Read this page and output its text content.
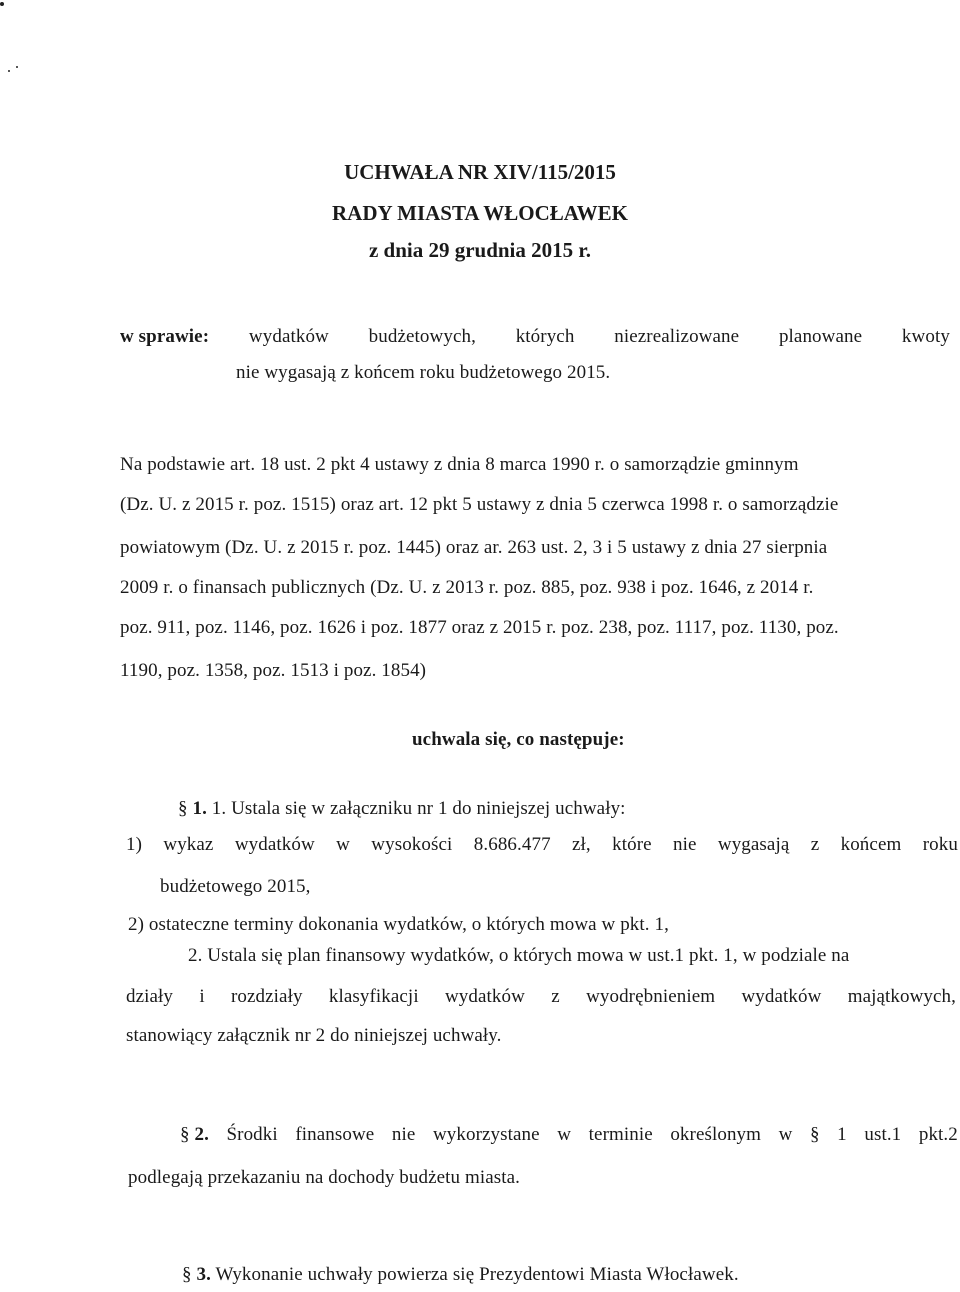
UCHWAŁA NR XIV/115/2015
RADY MIASTA WŁOCŁAWEK
z dnia 29 grudnia 2015 r.
w sprawie: wydatków budżetowych, których niezrealizowane planowane kwoty
nie wygasają z końcem roku budżetowego 2015.
Na podstawie art. 18 ust. 2 pkt 4 ustawy z dnia 8 marca 1990 r. o samorządzie gminnym
(Dz. U. z 2015 r. poz. 1515) oraz art. 12 pkt 5 ustawy z dnia 5 czerwca 1998 r. o samorządzie
powiatowym (Dz. U. z 2015 r. poz. 1445) oraz ar. 263 ust. 2, 3 i 5 ustawy z dnia 27 sierpnia
2009 r. o finansach publicznych (Dz. U. z 2013 r. poz. 885, poz. 938 i poz. 1646, z 2014 r.
poz. 911, poz. 1146, poz. 1626 i poz. 1877 oraz z 2015 r. poz. 238, poz. 1117, poz. 1130, poz.
1190, poz. 1358, poz. 1513 i poz. 1854)
uchwala się, co następuje:
§ 1. 1. Ustala się w załączniku nr 1 do niniejszej uchwały:
1) wykaz wydatków w wysokości 8.686.477 zł, które nie wygasają z końcem roku
budżetowego 2015,
2) ostateczne terminy dokonania wydatków, o których mowa w pkt. 1,
2. Ustala się plan finansowy wydatków, o których mowa w ust.1 pkt. 1, w podziale na
działy i rozdziały klasyfikacji wydatków z wyodrębnieniem wydatków majątkowych,
stanowiący załącznik nr 2 do niniejszej uchwały.
§ 2. Środki finansowe nie wykorzystane w terminie określonym w § 1 ust.1 pkt.2
podlegają przekazaniu na dochody budżetu miasta.
§ 3. Wykonanie uchwały powierza się Prezydentowi Miasta Włocławek.
